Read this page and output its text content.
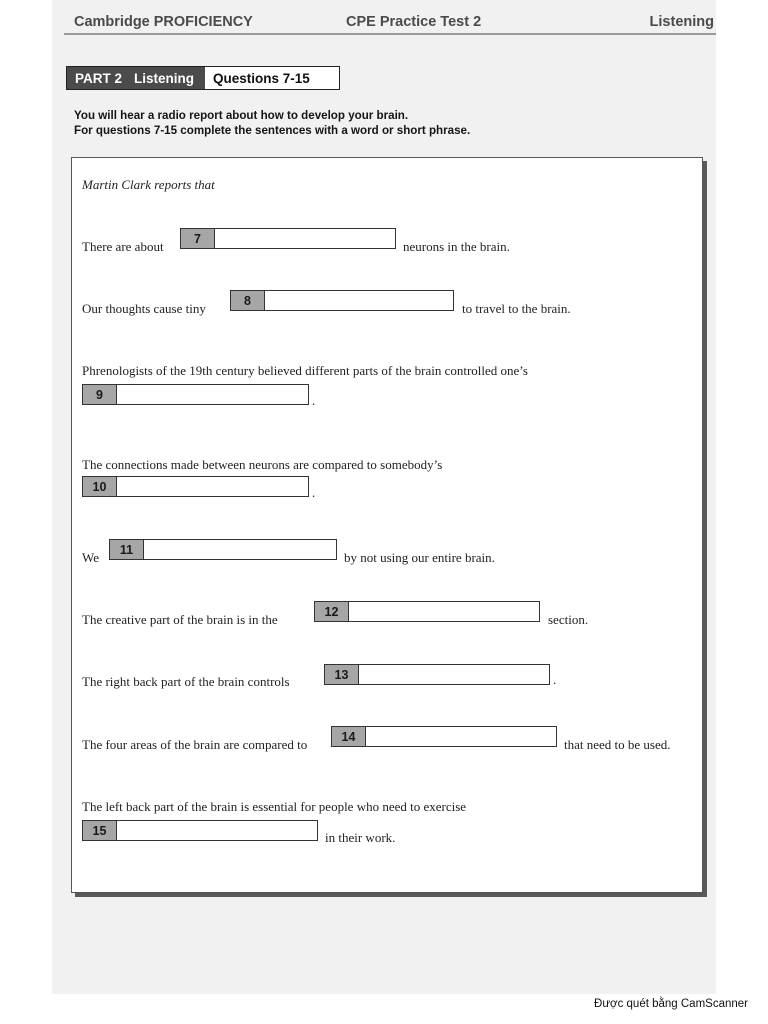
Cambridge PROFICIENCY	CPE Practice Test 2	Listening
PART 2 Listening	Questions 7-15
You will hear a radio report about how to develop your brain.
For questions 7-15 complete the sentences with a word or short phrase.
Martin Clark reports that
There are about
7
neurons in the brain.
Our thoughts cause tiny
8
to travel to the brain.
Phrenologists of the 19th century believed different parts of the brain controlled one’s
9	.
The connections made between neurons are compared to somebody’s
10	.
We
11
by not using our entire brain.
The creative part of the brain is in the
12
section.
The right back part of the brain controls	13	.
The four areas of the brain are compared to
14
that need to be used.
The left back part of the brain is essential for people who need to exercise
15	in their work.
Được quét bằng CamScanner
